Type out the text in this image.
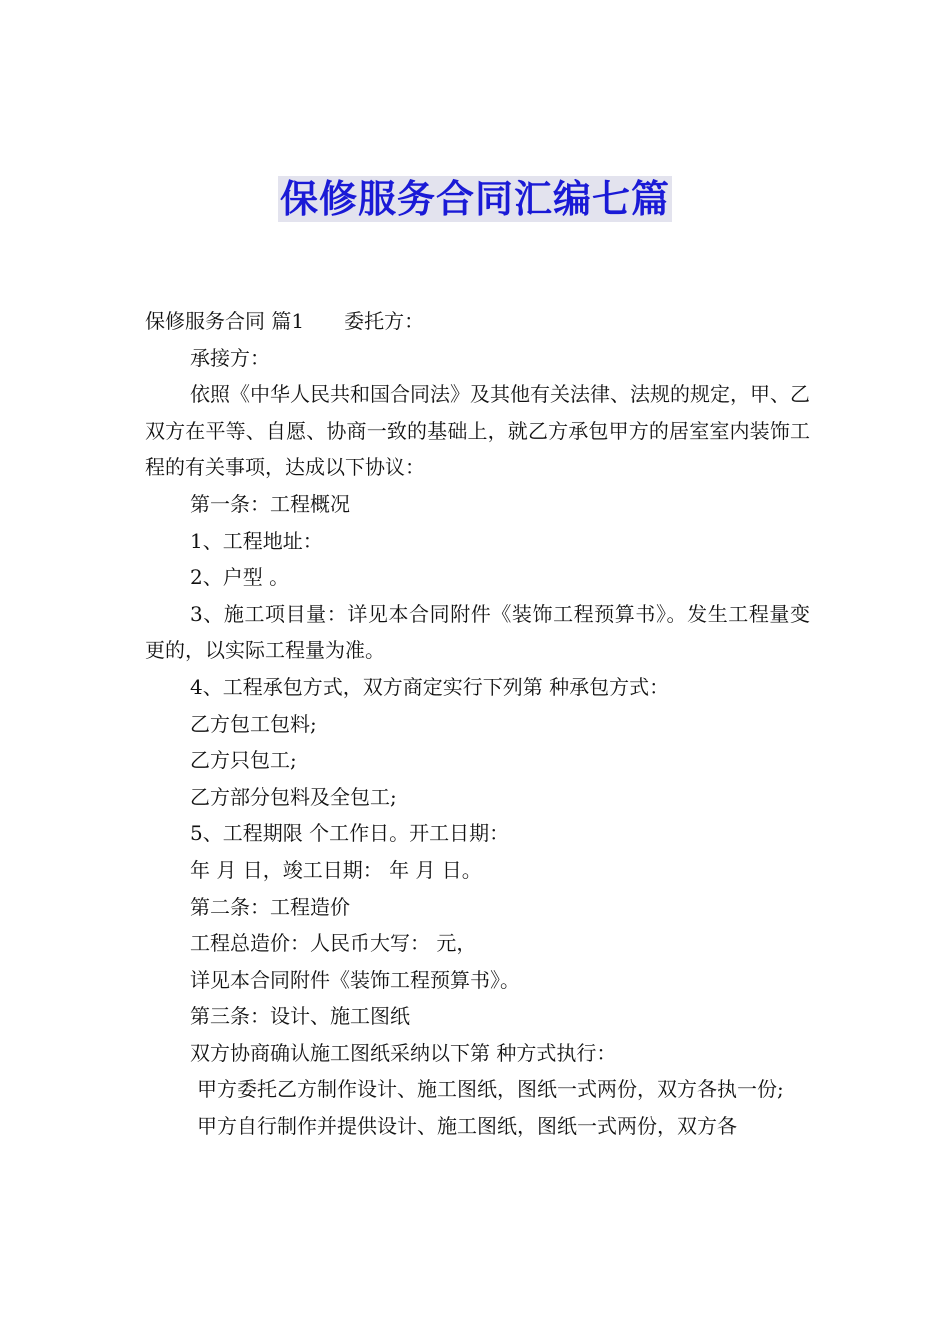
保修服务合同汇编七篇

保修服务合同 篇1　　委托方：

承接方：

依照《中华人民共和国合同法》及其他有关法律、法规的规定，甲、乙双方在平等、自愿、协商一致的基础上，就乙方承包甲方的居室室内装饰工程的有关事项，达成以下协议：

第一条：工程概况

1、工程地址：

2、户型 。

3、施工项目量：详见本合同附件《装饰工程预算书》。发生工程量变更的，以实际工程量为准。

4、工程承包方式，双方商定实行下列第 种承包方式：

乙方包工包料;

乙方只包工;

乙方部分包料及全包工;

5、工程期限 个工作日。开工日期：

年 月 日，竣工日期： 年 月 日。

第二条：工程造价

工程总造价：人民币大写： 元，

详见本合同附件《装饰工程预算书》。

第三条：设计、施工图纸

双方协商确认施工图纸采纳以下第 种方式执行：

甲方委托乙方制作设计、施工图纸，图纸一式两份，双方各执一份;

甲方自行制作并提供设计、施工图纸，图纸一式两份，双方各
